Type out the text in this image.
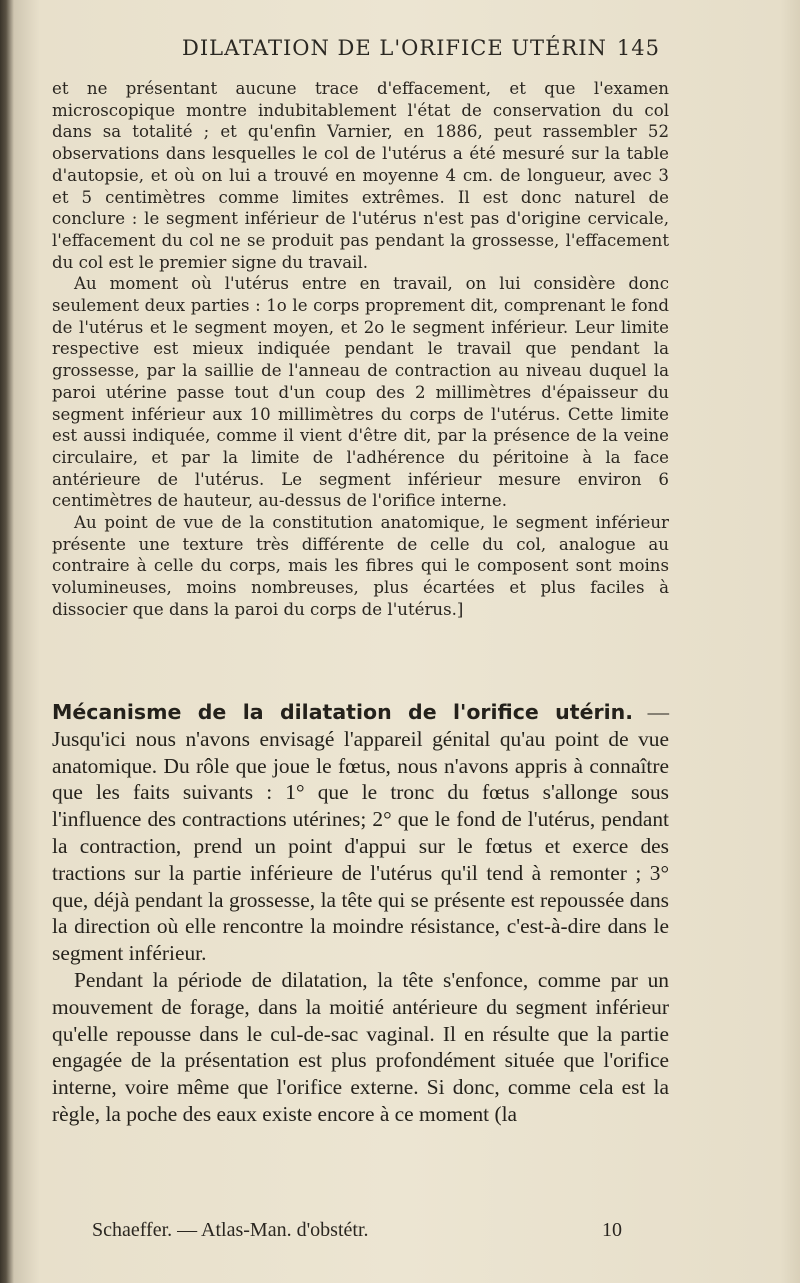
DILATATION DE L'ORIFICE UTÉRIN 145

et ne présentant aucune trace d'effacement, et que l'examen microscopique montre indubitablement l'état de conservation du col dans sa totalité ; et qu'enfin Varnier, en 1886, peut rassembler 52 observations dans lesquelles le col de l'utérus a été mesuré sur la table d'autopsie, et où on lui a trouvé en moyenne 4 cm. de longueur, avec 3 et 5 centimètres comme limites extrêmes. Il est donc naturel de conclure : le segment inférieur de l'utérus n'est pas d'origine cervicale, l'effacement du col ne se produit pas pendant la grossesse, l'effacement du col est le premier signe du travail.

Au moment où l'utérus entre en travail, on lui considère donc seulement deux parties : 1o le corps proprement dit, comprenant le fond de l'utérus et le segment moyen, et 2o le segment inférieur. Leur limite respective est mieux indiquée pendant le travail que pendant la grossesse, par la saillie de l'anneau de contraction au niveau duquel la paroi utérine passe tout d'un coup des 2 millimètres d'épaisseur du segment inférieur aux 10 millimètres du corps de l'utérus. Cette limite est aussi indiquée, comme il vient d'être dit, par la présence de la veine circulaire, et par la limite de l'adhérence du péritoine à la face antérieure de l'utérus. Le segment inférieur mesure environ 6 centimètres de hauteur, au-dessus de l'orifice interne.

Au point de vue de la constitution anatomique, le segment inférieur présente une texture très différente de celle du col, analogue au contraire à celle du corps, mais les fibres qui le composent sont moins volumineuses, moins nombreuses, plus écartées et plus faciles à dissocier que dans la paroi du corps de l'utérus.]

Mécanisme de la dilatation de l'orifice utérin. — Jusqu'ici nous n'avons envisagé l'appareil génital qu'au point de vue anatomique. Du rôle que joue le fœtus, nous n'avons appris à connaître que les faits suivants : 1° que le tronc du fœtus s'allonge sous l'influence des contractions utérines; 2° que le fond de l'utérus, pendant la contraction, prend un point d'appui sur le fœtus et exerce des tractions sur la partie inférieure de l'utérus qu'il tend à remonter ; 3° que, déjà pendant la grossesse, la tête qui se présente est repoussée dans la direction où elle rencontre la moindre résistance, c'est-à-dire dans le segment inférieur.

Pendant la période de dilatation, la tête s'enfonce, comme par un mouvement de forage, dans la moitié antérieure du segment inférieur qu'elle repousse dans le cul-de-sac vaginal. Il en résulte que la partie engagée de la présentation est plus profondément située que l'orifice interne, voire même que l'orifice externe. Si donc, comme cela est la règle, la poche des eaux existe encore à ce moment (la

Schaeffer. — Atlas-Man. d'obstétr.	10
